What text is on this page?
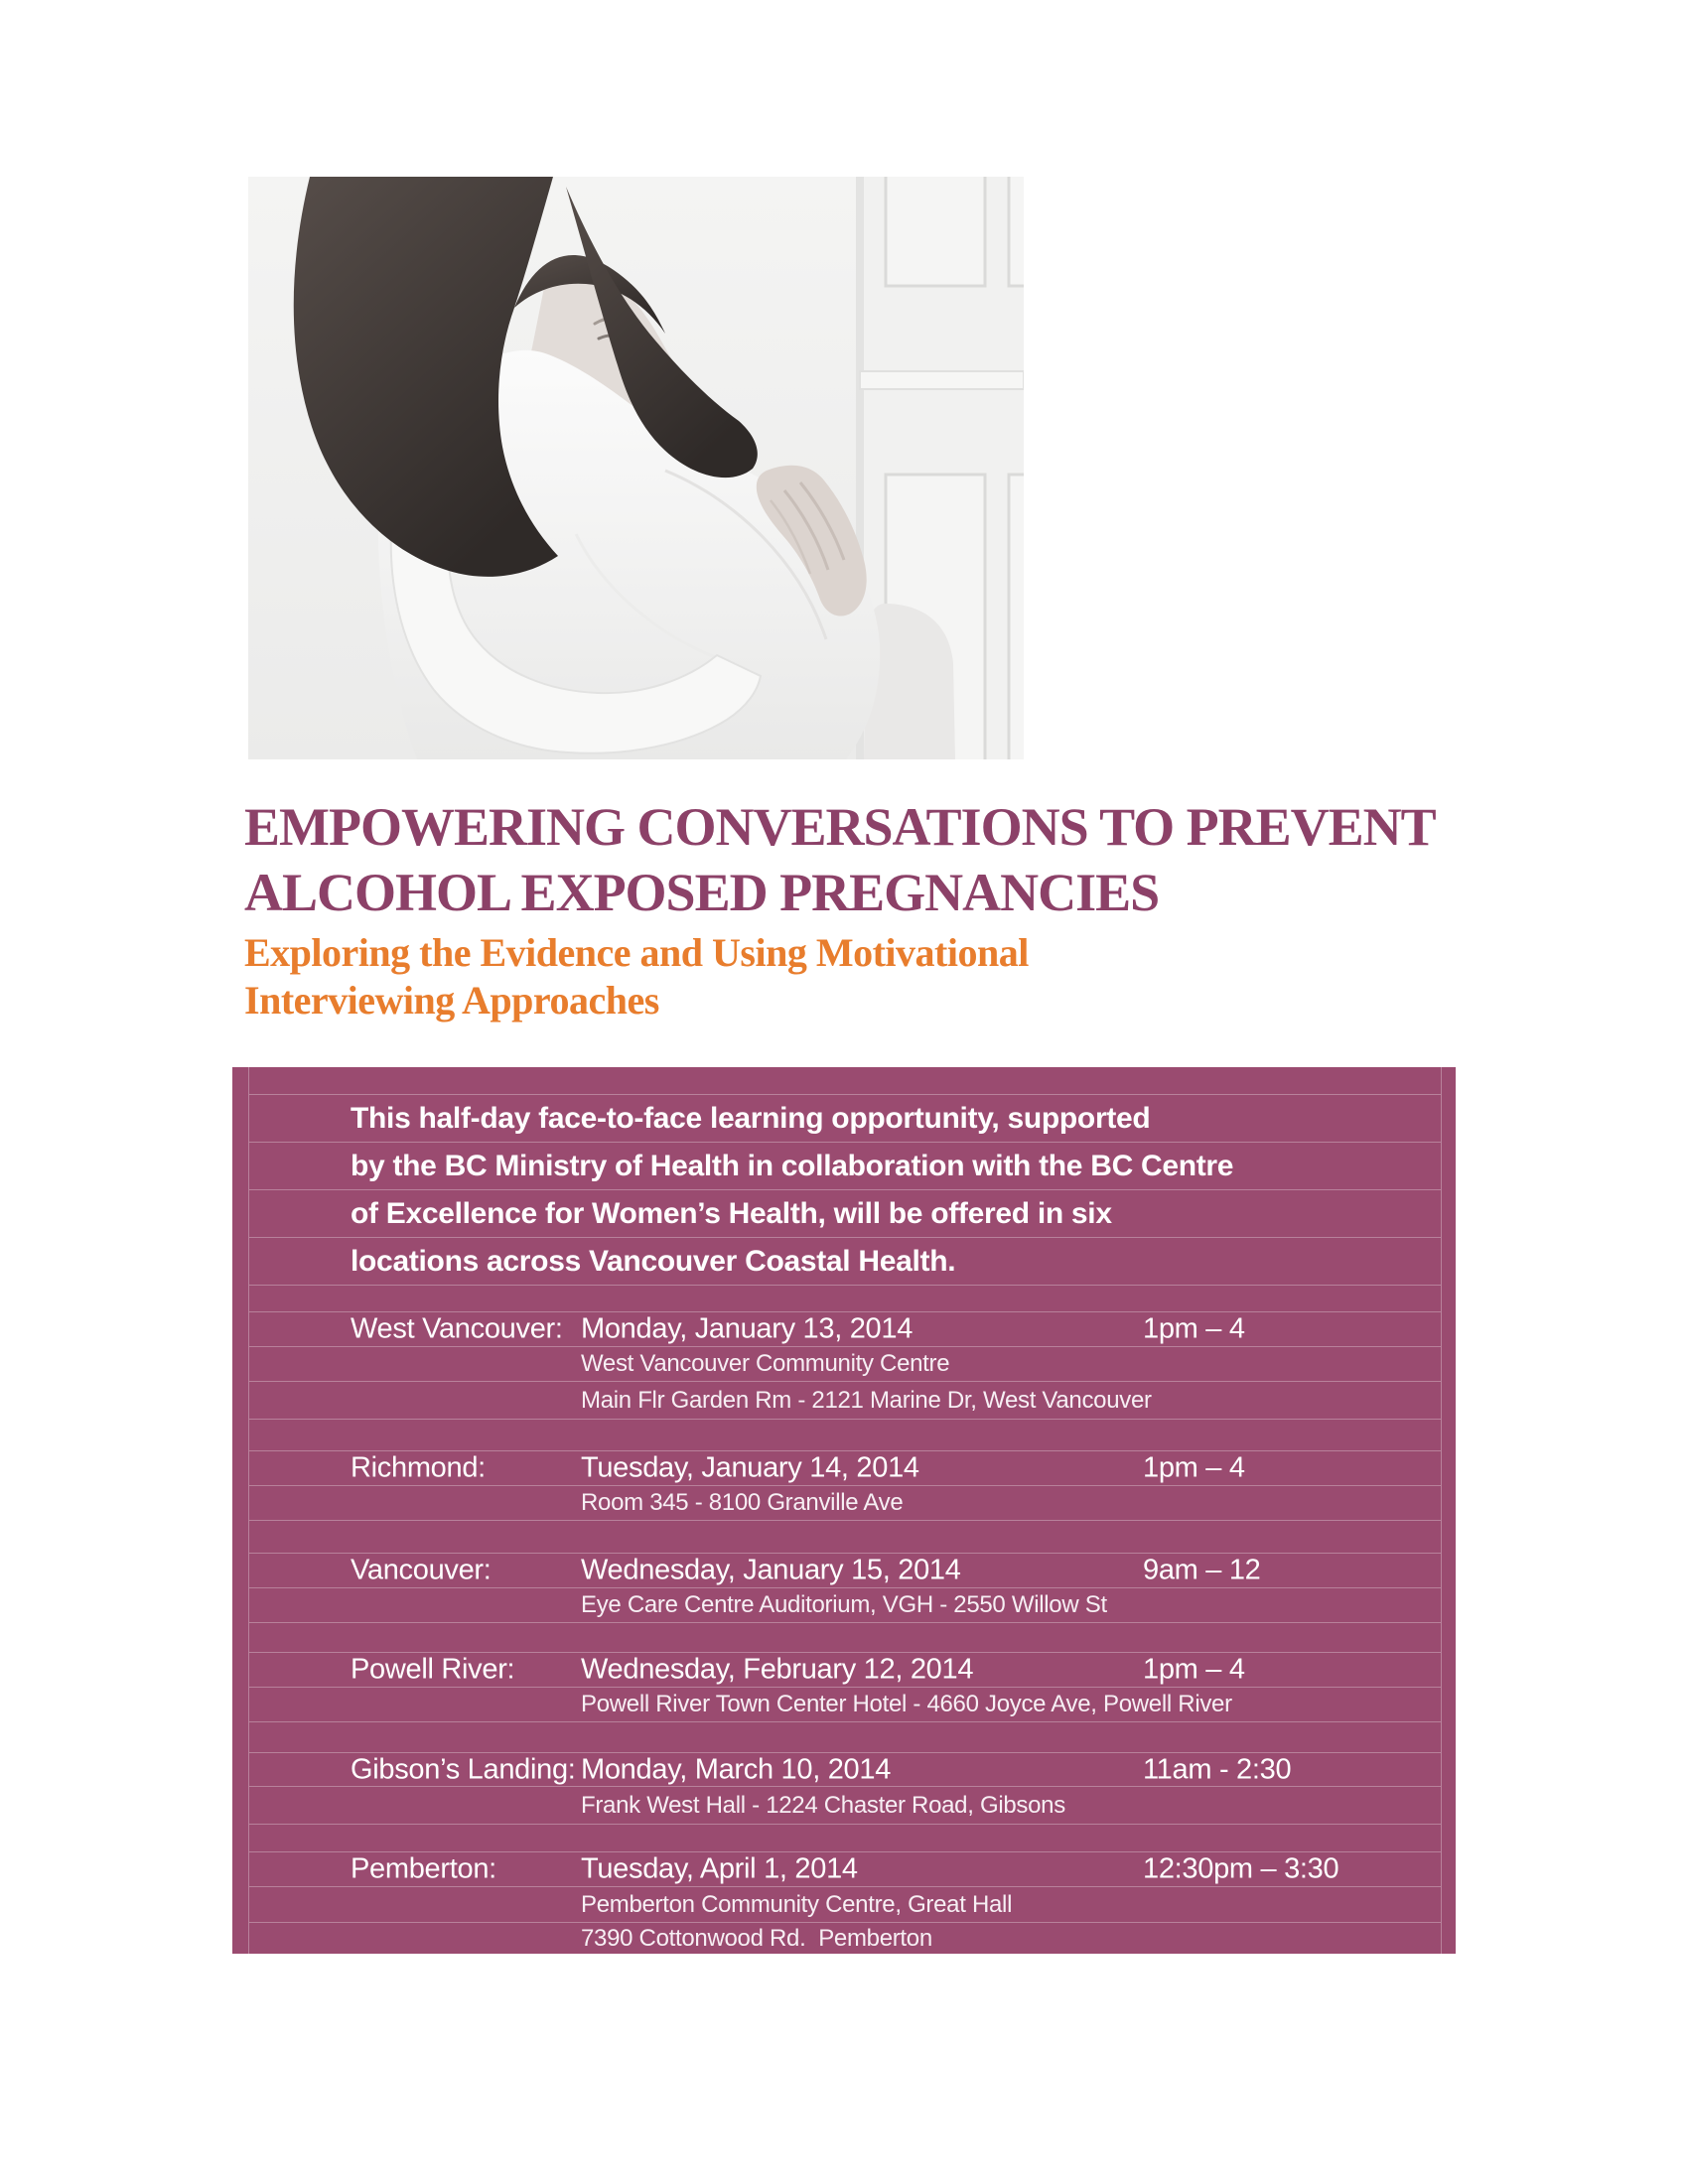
EMPOWERING CONVERSATIONS TO PREVENT
ALCOHOL EXPOSED PREGNANCIES
Exploring the Evidence and Using Motivational
Interviewing Approaches
This half-day face-to-face learning opportunity, supported
by the BC Ministry of Health in collaboration with the BC Centre
of Excellence for Women’s Health, will be offered in six
locations across Vancouver Coastal Health.
West Vancouver: Monday, January 13, 2014	1pm – 4
West Vancouver Community Centre
Main Flr Garden Rm - 2121 Marine Dr, West Vancouver
Richmond:	Tuesday, January 14, 2014	1pm – 4
Room 345 - 8100 Granville Ave
Vancouver:	Wednesday, January 15, 2014	9am – 12
Eye Care Centre Auditorium, VGH - 2550 Willow St
Powell River: Wednesday, February 12, 2014	1pm – 4
Powell River Town Center Hotel - 4660 Joyce Ave, Powell River
Gibson’s Landing: Monday, March 10, 2014	11am - 2:30
Frank West Hall - 1224 Chaster Road, Gibsons
Pemberton:	Tuesday, April 1, 2014	12:30pm – 3:30
Pemberton Community Centre, Great Hall
7390 Cottonwood Rd.  Pemberton
